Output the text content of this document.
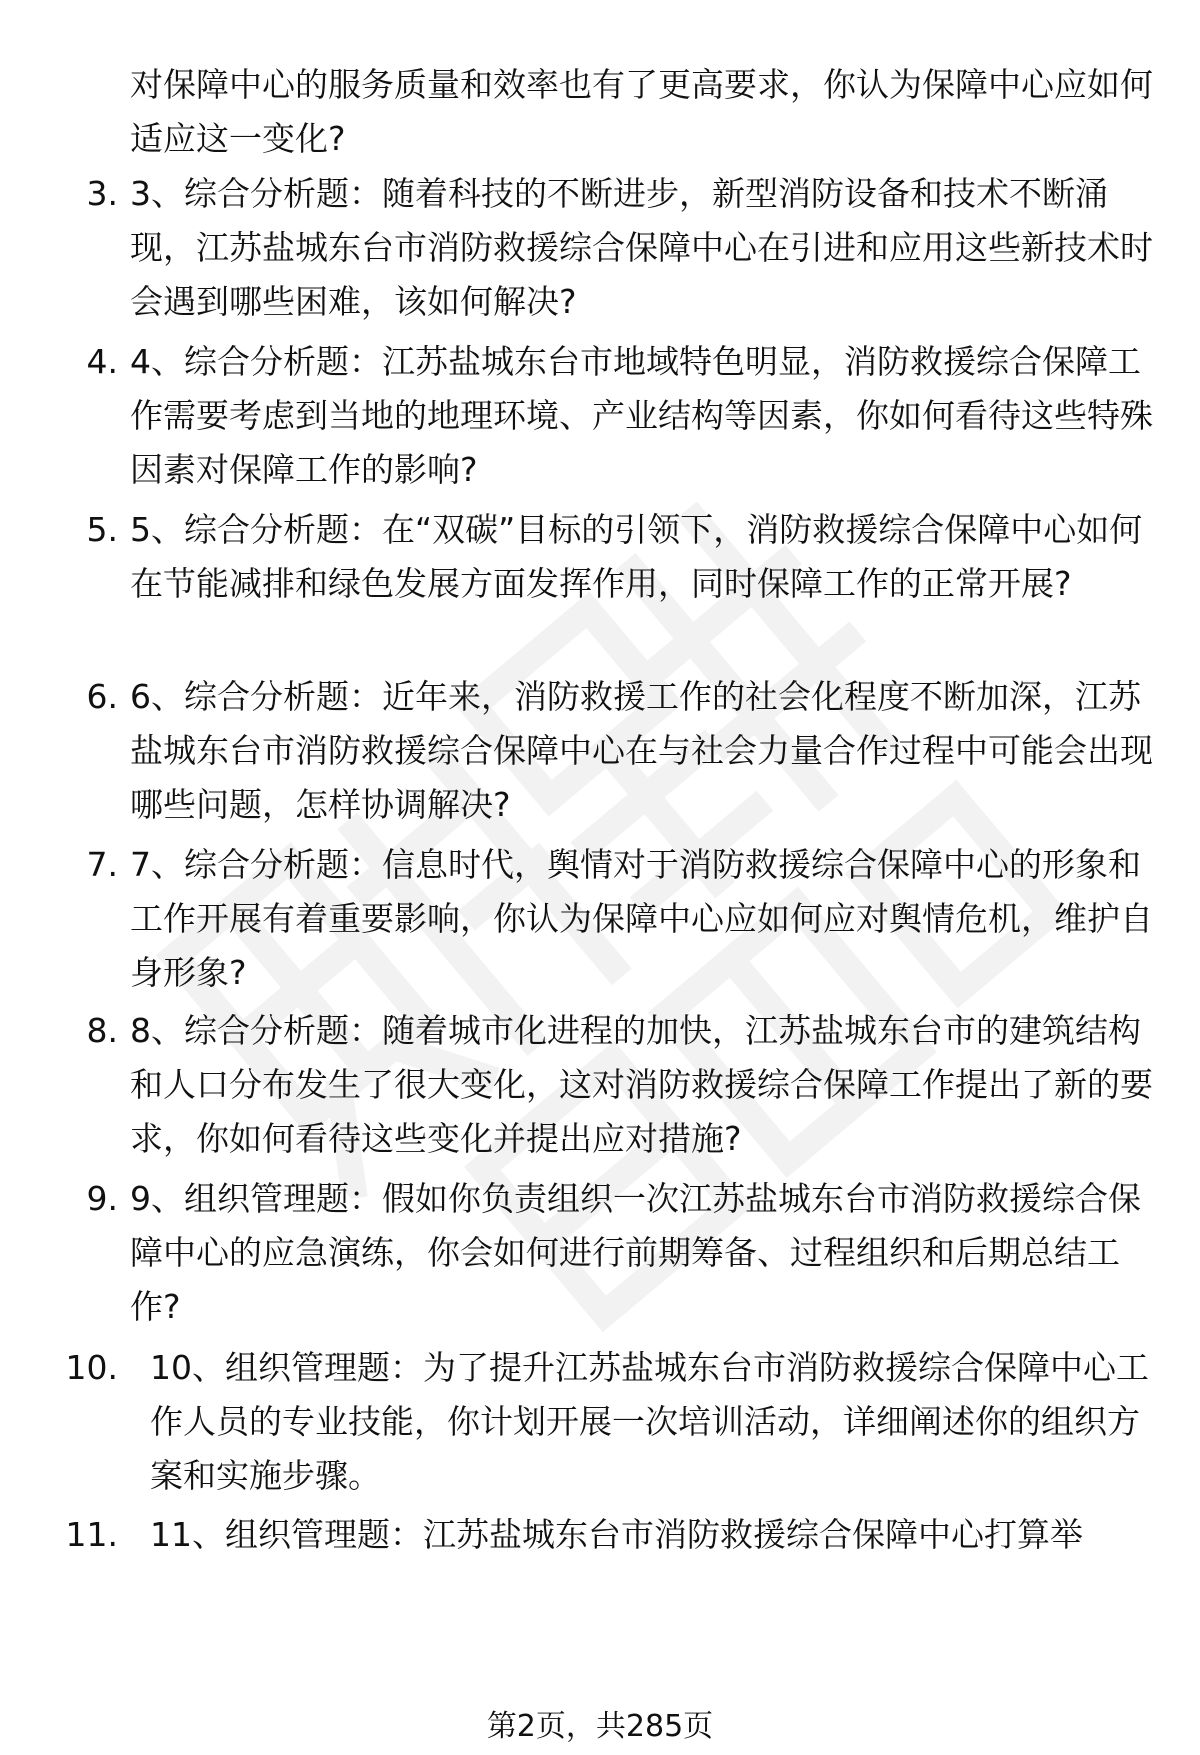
对保障中心的服务质量和效率也有了更高要求，你认为保障中心应如何适应这一变化?
3. 3、综合分析题：随着科技的不断进步，新型消防设备和技术不断涌现，江苏盐城东台市消防救援综合保障中心在引进和应用这些新技术时会遇到哪些困难，该如何解决?
4. 4、综合分析题：江苏盐城东台市地域特色明显，消防救援综合保障工作需要考虑到当地的地理环境、产业结构等因素，你如何看待这些特殊因素对保障工作的影响?
5. 5、综合分析题：在“双碳”目标的引领下，消防救援综合保障中心如何在节能减排和绿色发展方面发挥作用，同时保障工作的正常开展?
6. 6、综合分析题：近年来，消防救援工作的社会化程度不断加深，江苏盐城东台市消防救援综合保障中心在与社会力量合作过程中可能会出现哪些问题，怎样协调解决?
7. 7、综合分析题：信息时代，舆情对于消防救援综合保障中心的形象和工作开展有着重要影响，你认为保障中心应如何应对舆情危机，维护自身形象?
8. 8、综合分析题：随着城市化进程的加快，江苏盐城东台市的建筑结构和人口分布发生了很大变化，这对消防救援综合保障工作提出了新的要求，你如何看待这些变化并提出应对措施?
9. 9、组织管理题：假如你负责组织一次江苏盐城东台市消防救援综合保障中心的应急演练，你会如何进行前期筹备、过程组织和后期总结工作?
10. 10、组织管理题：为了提升江苏盐城东台市消防救援综合保障中心工作人员的专业技能，你计划开展一次培训活动，详细阐述你的组织方案和实施步骤。
11. 11、组织管理题：江苏盐城东台市消防救援综合保障中心打算举
第2页，共285页
